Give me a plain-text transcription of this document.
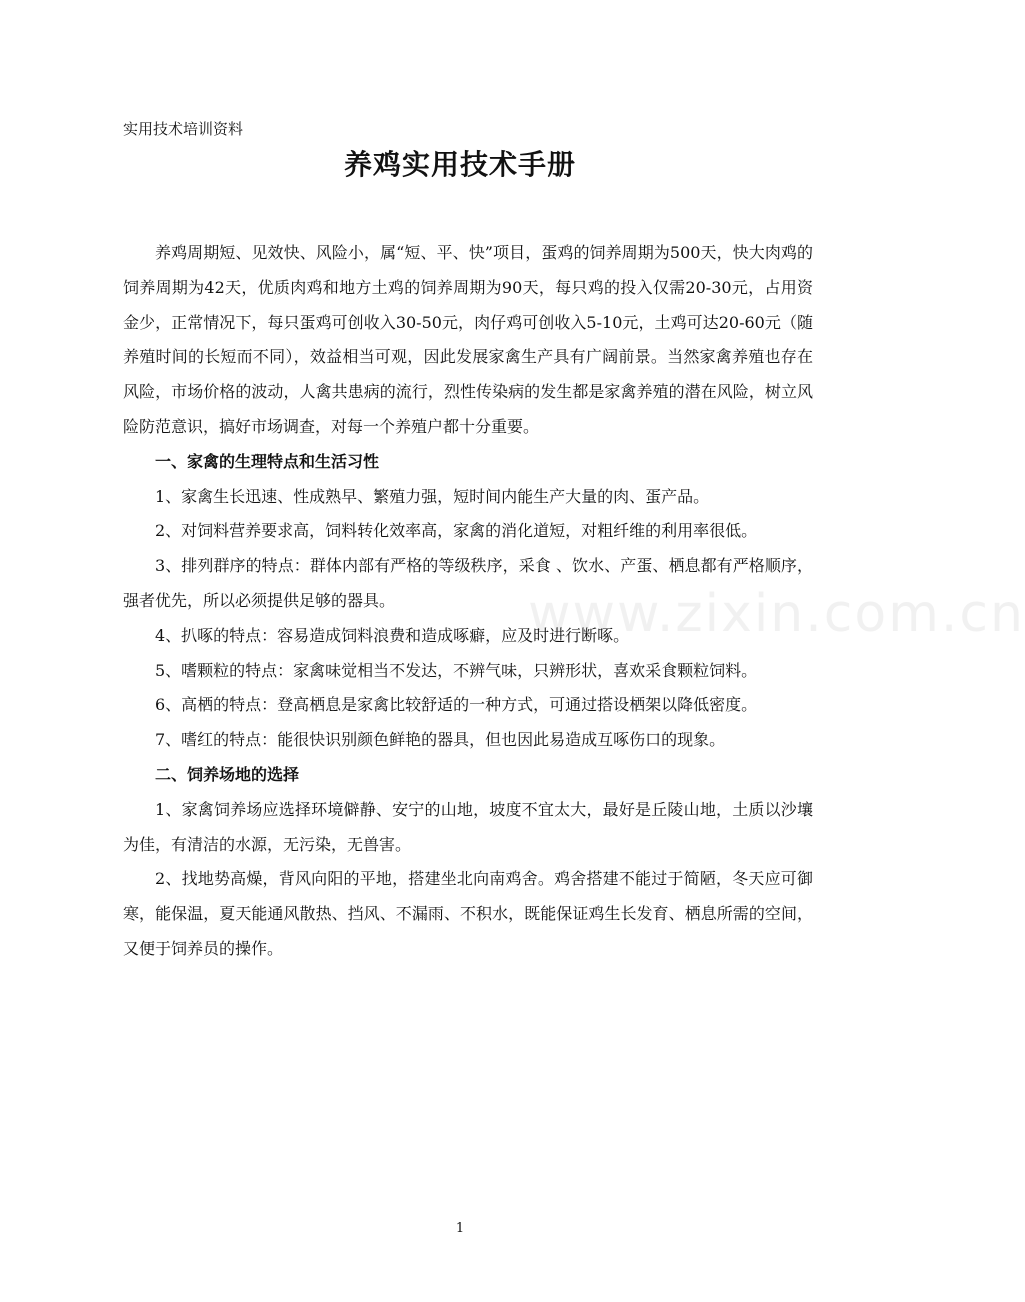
实用技术培训资料
养鸡实用技术手册
www.zixin.com.cn

养鸡周期短、见效快、风险小，属“短、平、快”项目，蛋鸡的饲养周期为500天，快大肉鸡的饲养周期为42天，优质肉鸡和地方土鸡的饲养周期为90天，每只鸡的投入仅需20-30元，占用资金少，正常情况下，每只蛋鸡可创收入30-50元，肉仔鸡可创收入5-10元，土鸡可达20-60元（随养殖时间的长短而不同），效益相当可观，因此发展家禽生产具有广阔前景。当然家禽养殖也存在风险，市场价格的波动，人禽共患病的流行，烈性传染病的发生都是家禽养殖的潜在风险，树立风险防范意识，搞好市场调查，对每一个养殖户都十分重要。

一、家禽的生理特点和生活习性

1、家禽生长迅速、性成熟早、繁殖力强，短时间内能生产大量的肉、蛋产品。

2、对饲料营养要求高，饲料转化效率高，家禽的消化道短，对粗纤维的利用率很低。

3、排列群序的特点：群体内部有严格的等级秩序，采食 、饮水、产蛋、栖息都有严格顺序，强者优先，所以必须提供足够的器具。

4、扒啄的特点：容易造成饲料浪费和造成啄癖，应及时进行断啄。

5、嗜颗粒的特点：家禽味觉相当不发达，不辨气味，只辨形状，喜欢采食颗粒饲料。

6、高栖的特点：登高栖息是家禽比较舒适的一种方式，可通过搭设栖架以降低密度。

7、嗜红的特点：能很快识别颜色鲜艳的器具，但也因此易造成互啄伤口的现象。

二、饲养场地的选择

1、家禽饲养场应选择环境僻静、安宁的山地，坡度不宜太大，最好是丘陵山地，土质以沙壤为佳，有清洁的水源，无污染，无兽害。

2、找地势高燥，背风向阳的平地，搭建坐北向南鸡舍。鸡舍搭建不能过于简陋，冬天应可御寒，能保温，夏天能通风散热、挡风、不漏雨、不积水，既能保证鸡生长发育、栖息所需的空间，又便于饲养员的操作。

1
